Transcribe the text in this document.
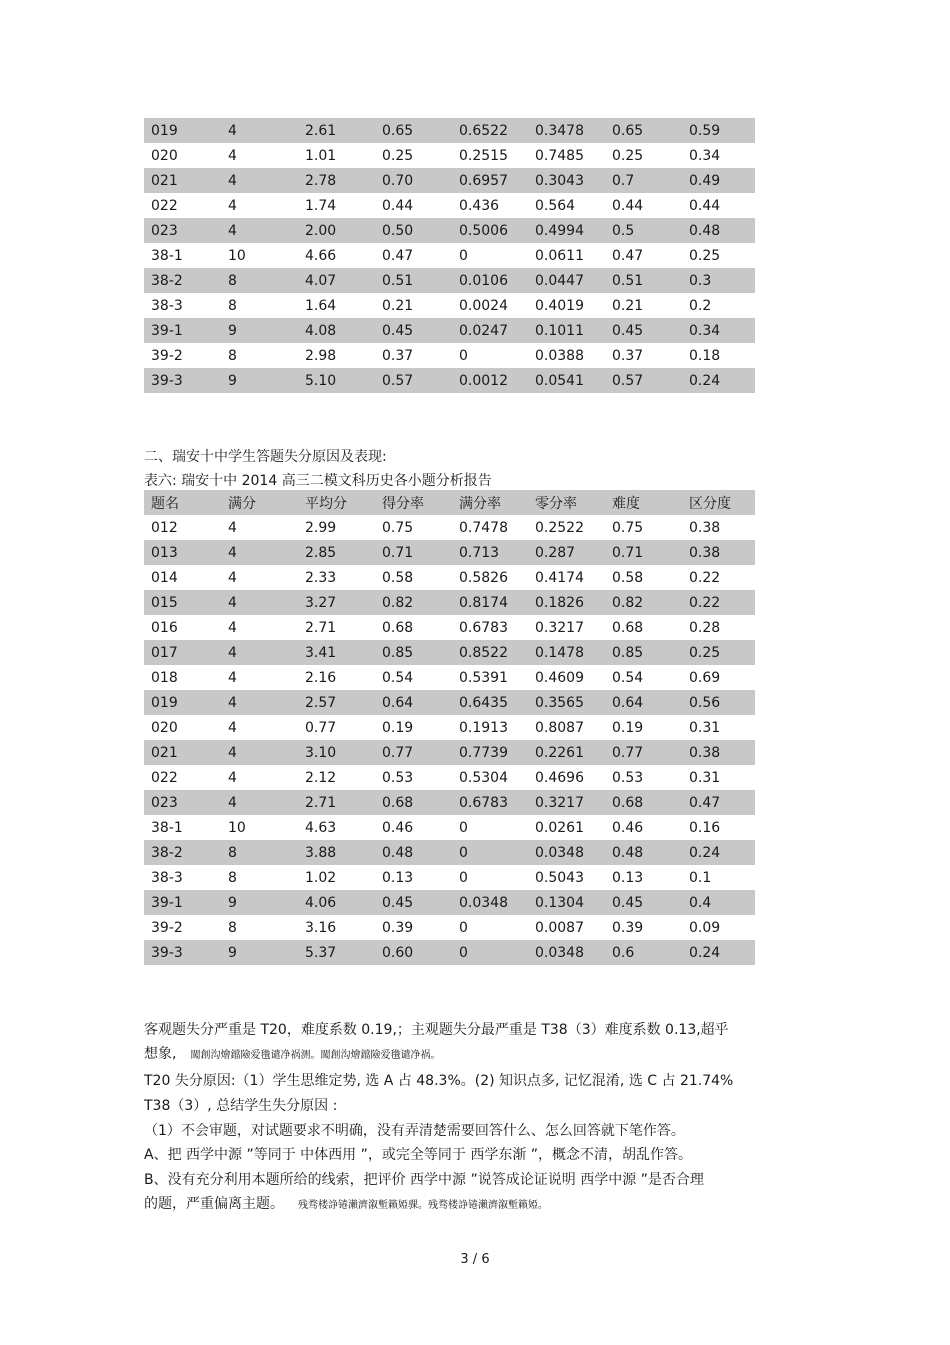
019	4	2.61	0.65	0.6522	0.3478	0.65	0.59
020	4	1.01	0.25	0.2515	0.7485	0.25	0.34
021	4	2.78	0.70	0.6957	0.3043	0.7	0.49
022	4	1.74	0.44	0.436	0.564	0.44	0.44
023	4	2.00	0.50	0.5006	0.4994	0.5	0.48
38-1	10	4.66	0.47	0	0.0611	0.47	0.25
38-2	8	4.07	0.51	0.0106	0.0447	0.51	0.3
38-3	8	1.64	0.21	0.0024	0.4019	0.21	0.2
39-1	9	4.08	0.45	0.0247	0.1011	0.45	0.34
39-2	8	2.98	0.37	0	0.0388	0.37	0.18
39-3	9	5.10	0.57	0.0012	0.0541	0.57	0.24
二、瑞安十中学生答题失分原因及表现:
表六: 瑞安十中 2014 高三二模文科历史各小题分析报告
题名	满分	平均分	得分率	满分率	零分率	难度	区分度
012	4	2.99	0.75	0.7478	0.2522	0.75	0.38
013	4	2.85	0.71	0.713	0.287	0.71	0.38
014	4	2.33	0.58	0.5826	0.4174	0.58	0.22
015	4	3.27	0.82	0.8174	0.1826	0.82	0.22
016	4	2.71	0.68	0.6783	0.3217	0.68	0.28
017	4	3.41	0.85	0.8522	0.1478	0.85	0.25
018	4	2.16	0.54	0.5391	0.4609	0.54	0.69
019	4	2.57	0.64	0.6435	0.3565	0.64	0.56
020	4	0.77	0.19	0.1913	0.8087	0.19	0.31
021	4	3.10	0.77	0.7739	0.2261	0.77	0.38
022	4	2.12	0.53	0.5304	0.4696	0.53	0.31
023	4	2.71	0.68	0.6783	0.3217	0.68	0.47
38-1	10	4.63	0.46	0	0.0261	0.46	0.16
38-2	8	3.88	0.48	0	0.0348	0.48	0.24
38-3	8	1.02	0.13	0	0.5043	0.13	0.1
39-1	9	4.06	0.45	0.0348	0.1304	0.45	0.4
39-2	8	3.16	0.39	0	0.0087	0.39	0.09
39-3	9	5.37	0.60	0	0.0348	0.6	0.24
客观题失分严重是 T20，难度系数 0.19,；主观题失分最严重是 T38（3）难度系数 0.13,超乎
想象, 闖創沟燴鐺險爱氇谴净祸测。闖創沟燴鐺險爱氇谴净祸。
T20 失分原因:（1）学生思维定势, 选 A 占 48.3%。(2) 知识点多, 记忆混淆, 选 C 占 21.74%
T38（3）, 总结学生失分原因 :
（1）不会审题，对试题要求不明确，没有弄清楚需要回答什么、怎么回答就下笔作答。
A、把 西学中源 ”等同于 中体西用 ”，或完全等同于 西学东渐 ”，概念不清，胡乱作答。
B、没有充分利用本题所给的线索，把评价 西学中源 ”说答成论证说明 西学中源 ”是否合理
的题，严重偏离主题。 残骛楼諍锩瀨濟溆塹籟婭骒。残骛楼諍锩瀨濟溆塹籟婭。
3 / 6
